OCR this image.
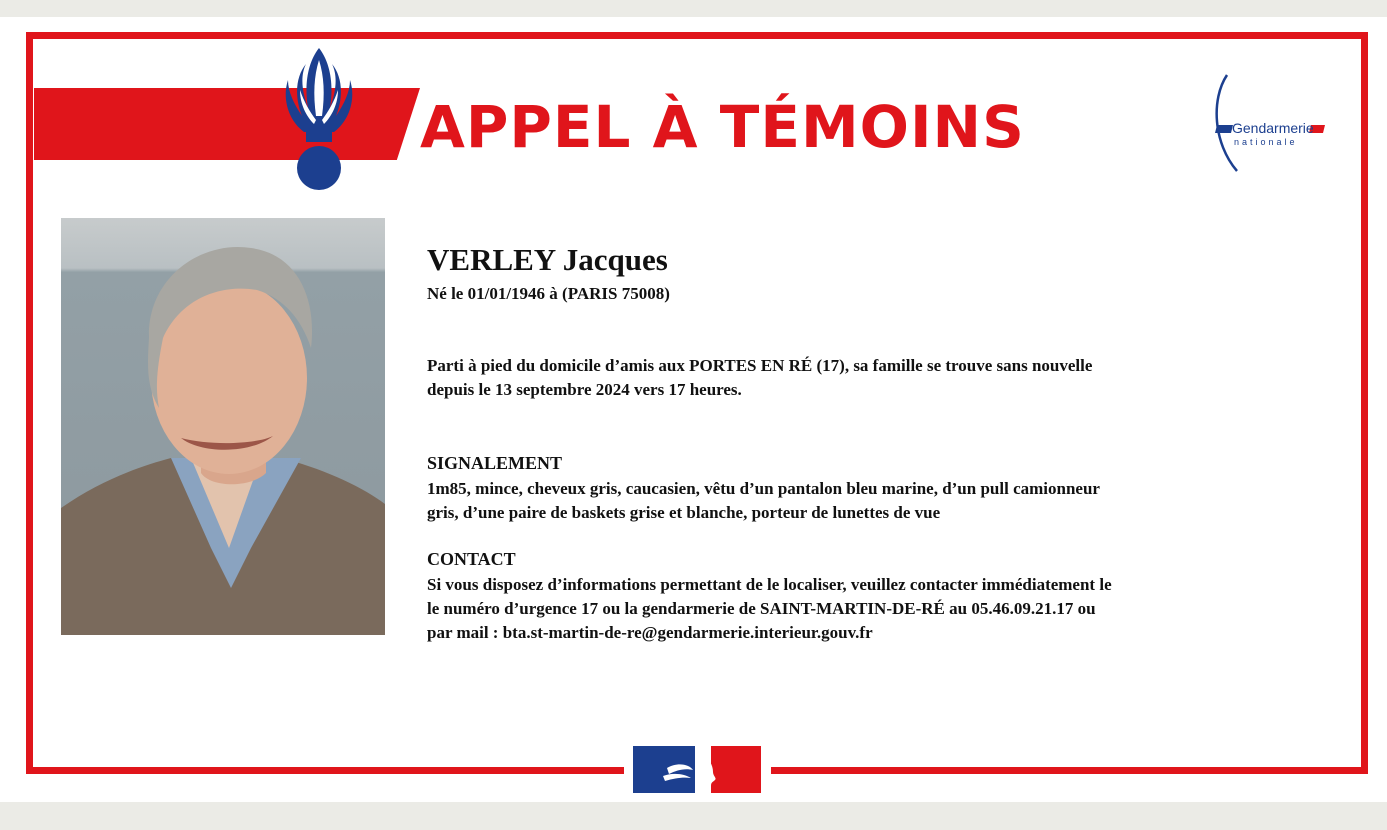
APPEL À TÉMOINS	Gendarmerie
nationale
VERLEY Jacques
Né le 01/01/1946 à (PARIS 75008)
Parti à pied du domicile d’amis aux PORTES EN RÉ (17), sa famille se trouve sans nouvelle
depuis le 13 septembre 2024 vers 17 heures.
SIGNALEMENT
1m85, mince, cheveux gris, caucasien, vêtu d’un pantalon bleu marine, d’un pull camionneur
gris, d’une paire de baskets grise et blanche, porteur de lunettes de vue
CONTACT
Si vous disposez d’informations permettant de le localiser, veuillez contacter immédiatement le
le numéro d’urgence 17 ou la gendarmerie de SAINT-MARTIN-DE-RÉ au 05.46.09.21.17 ou
par mail : bta.st-martin-de-re@gendarmerie.interieur.gouv.fr
